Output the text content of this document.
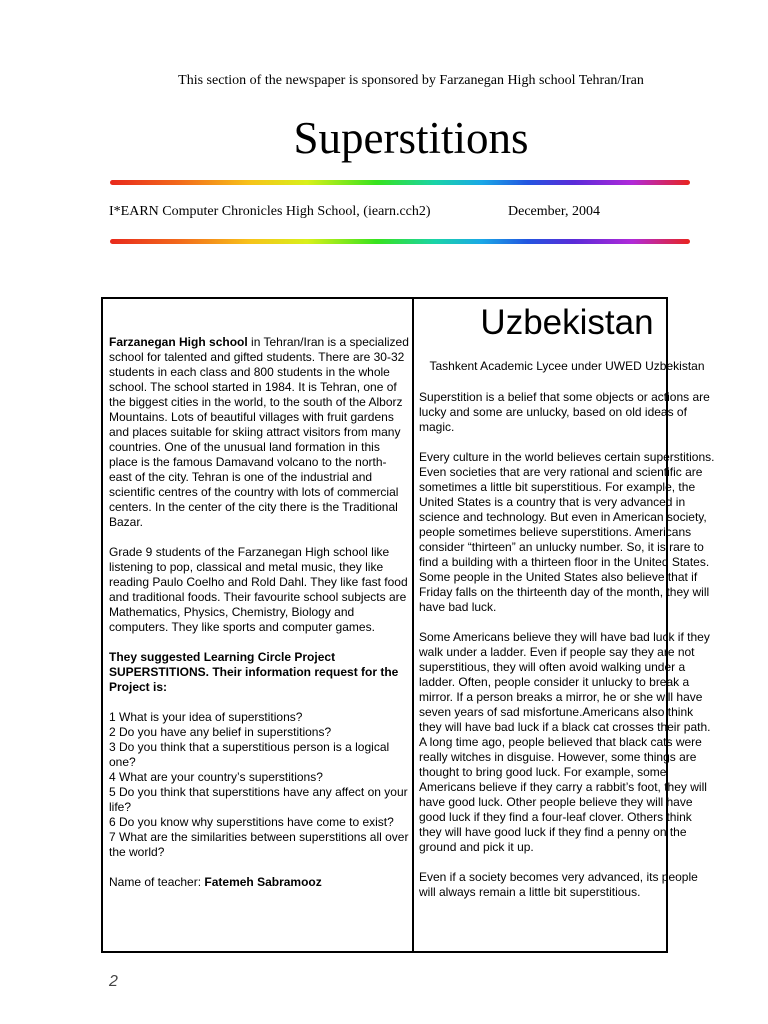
This section of the newspaper is sponsored by Farzanegan High school Tehran/Iran
Superstitions
I*EARN Computer Chronicles High School, (iearn.cch2)	December, 2004

Farzanegan High school in Tehran/Iran is a specialized school for talented and gifted students. There are 30-32 students in each class and 800 students in the whole school. The school started in 1984. It is Tehran, one of the biggest cities in the world, to the south of the Alborz Mountains. Lots of beautiful villages with fruit gardens and places suitable for skiing attract visitors from many countries. One of the unusual land formation in this place is the famous Damavand volcano to the north-east of the city. Tehran is one of the industrial and scientific centres of the country with lots of commercial centers. In the center of the city there is the Traditional Bazar.

Grade 9 students of the Farzanegan High school like listening to pop, classical and metal music, they like reading Paulo Coelho and Rold Dahl. They like fast food and traditional foods. Their favourite school subjects are Mathematics, Physics, Chemistry, Biology and computers. They like sports and computer games.

They suggested Learning Circle Project SUPERSTITIONS. Their information request for the Project is:

1 What is your idea of superstitions?
2 Do you have any belief in superstitions?
3 Do you think that a superstitious person is a logical one?
4 What are your country’s superstitions?
5 Do you think that superstitions have any affect on your life?
6 Do you know why superstitions have come to exist?
7 What are the similarities between superstitions all over the world?

Name of teacher: Fatemeh Sabramooz

Uzbekistan
Tashkent Academic Lycee under UWED Uzbekistan

Superstition is a belief that some objects or actions are lucky and some are unlucky, based on old ideas of magic.

Every culture in the world believes certain superstitions. Even societies that are very rational and scientific are sometimes a little bit superstitious. For example, the United States is a country that is very advanced in science and technology. But even in American society, people sometimes believe superstitions. Americans consider “thirteen” an unlucky number. So, it is rare to find a building with a thirteen floor in the United States. Some people in the United States also believe that if Friday falls on the thirteenth day of the month, they will have bad luck.

Some Americans believe they will have bad luck if they walk under a ladder. Even if people say they are not superstitious, they will often avoid walking under a ladder. Often, people consider it unlucky to break a mirror. If a person breaks a mirror, he or she will have seven years of sad misfortune.Americans also think they will have bad luck if a black cat crosses their path. A long time ago, people believed that black cats were really witches in disguise. However, some things are thought to bring good luck. For example, some Americans believe if they carry a rabbit’s foot, they will have good luck. Other people believe they will have good luck if they find a four-leaf clover. Others think they will have good luck if they find a penny on the ground and pick it up.

Even if a society becomes very advanced, its people will always remain a little bit superstitious.

2
